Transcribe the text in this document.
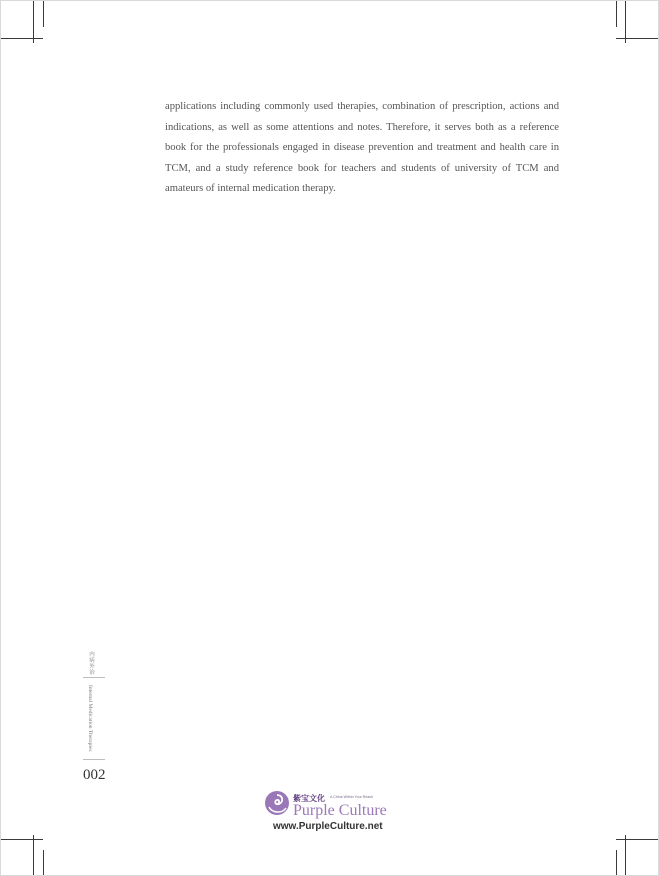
applications including commonly used therapies, combination of prescription, actions and indications, as well as some attentions and notes. Therefore, it serves both as a reference book for the professionals engaged in disease prevention and treatment and health care in TCM, and a study reference book for teachers and students of university of TCM and amateurs of internal medication therapy.

内病外治
Internal Medication Therapies
002
紫宝文化 A China Within Your Reach
Purple Culture
www.PurpleCulture.net
